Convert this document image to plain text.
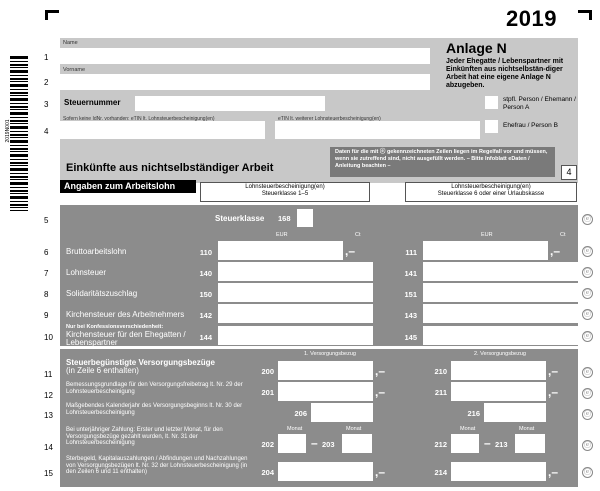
2019
2019N001
Name
Vorname
Anlage N
Jeder Ehegatte / Lebenspartner mit Einkünften aus nichtselbstän-diger Arbeit hat eine eigene Anlage N abzugeben.
Steuernummer
Sofern keine IdNr. vorhanden: eTIN lt. Lohnsteuerbescheinigung(en)	eTIN lt. weiterer Lohnsteuerbescheinigung(en)
stpfl. Person / Ehemann / Person A
Ehefrau / Person B
Einkünfte aus nichtselbständiger Arbeit
Daten für die mit ⓔ gekennzeichneten Zeilen liegen im Regelfall vor und müssen, wenn sie zutreffend sind, nicht ausgefüllt werden. – Bitte Infoblatt eDaten / Anleitung beachten –
4
Angaben zum Arbeitslohn	Lohnsteuerbescheinigung(en)
Steuerklasse 1–5
Lohnsteuerbescheinigung(en)
Steuerklasse 6 oder einer Urlaubskasse
1
2
3
4
5
6
7
8
9
10
11
12
13
14
15
Steuerklasse 168
EUR	Ct	EUR	Ct
Bruttoarbeitslohn	110	,–	111	,–
Lohnsteuer	140	141
Solidaritätszuschlag	150	151
Kirchensteuer des Arbeitnehmers	142	143
Nur bei Konfessionsverschiedenheit:
Kirchensteuer für den Ehegatten / Lebenspartner
144	145
1. Versorgungsbezug	2. Versorgungsbezug
Steuerbegünstigte Versorgungsbezüge
(in Zeile 6 enthalten)	200	,–	210	,–
Bemessungsgrundlage für den Versorgungsfreibetrag lt. Nr. 29 der Lohnsteuerbescheinigung	201	,–	211	,–
Maßgebendes Kalenderjahr des Versorgungsbeginns lt. Nr. 30 der Lohnsteuerbescheinigung	206	216
Bei unterjähriger Zahlung: Erster und letzter Monat, für den Versorgungsbezüge gezahlt wurden, lt. Nr. 31 der Lohnsteuerbescheinigung
Monat	Monat	Monat	Monat
202	– 203	212	– 213
Sterbegeld, Kapitalauszahlungen / Abfindungen und Nachzahlungen von Versorgungsbezügen lt. Nr. 32 der Lohnsteuerbescheinigung (in den Zeilen 6 und 11 enthalten)	204	,–	214	,–
ⓔ
ⓔ
ⓔ
ⓔ
ⓔ
ⓔ
ⓔ
ⓔ
ⓔ
ⓔ
ⓔ
